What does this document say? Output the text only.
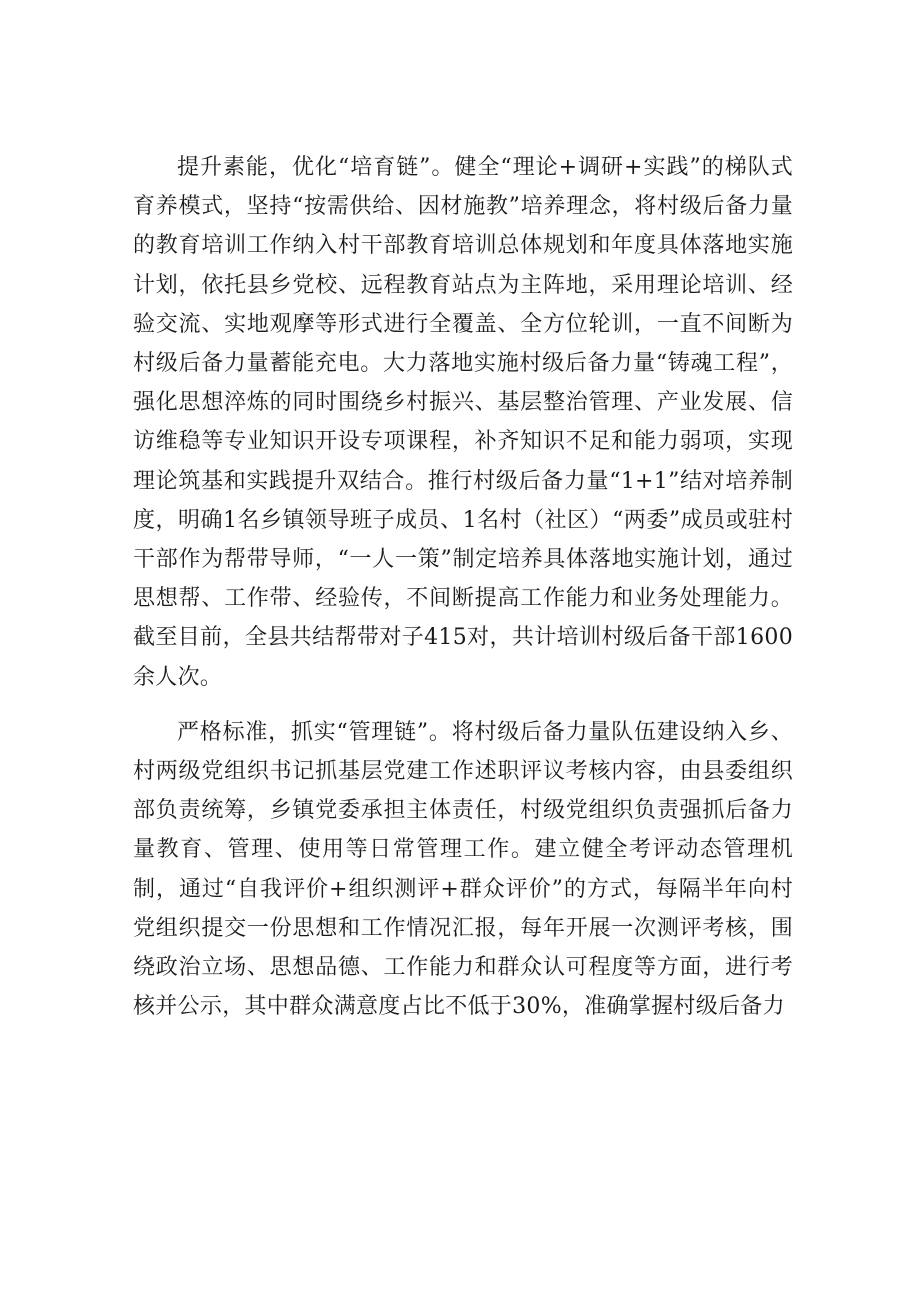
提升素能，优化“培育链”。健全“理论+调研+实践”的梯队式育养模式，坚持“按需供给、因材施教”培养理念，将村级后备力量的教育培训工作纳入村干部教育培训总体规划和年度具体落地实施计划，依托县乡党校、远程教育站点为主阵地，采用理论培训、经验交流、实地观摩等形式进行全覆盖、全方位轮训，一直不间断为村级后备力量蓄能充电。大力落地实施村级后备力量“铸魂工程”，强化思想淬炼的同时围绕乡村振兴、基层整治管理、产业发展、信访维稳等专业知识开设专项课程，补齐知识不足和能力弱项，实现理论筑基和实践提升双结合。推行村级后备力量“1+1”结对培养制度，明确1名乡镇领导班子成员、1名村（社区）“两委”成员或驻村干部作为帮带导师，“一人一策”制定培养具体落地实施计划，通过思想帮、工作带、经验传，不间断提高工作能力和业务处理能力。截至目前，全县共结帮带对子415对，共计培训村级后备干部1600余人次。

严格标准，抓实“管理链”。将村级后备力量队伍建设纳入乡、村两级党组织书记抓基层党建工作述职评议考核内容，由县委组织部负责统筹，乡镇党委承担主体责任，村级党组织负责强抓后备力量教育、管理、使用等日常管理工作。建立健全考评动态管理机制，通过“自我评价+组织测评+群众评价”的方式，每隔半年向村党组织提交一份思想和工作情况汇报，每年开展一次测评考核，围绕政治立场、思想品德、工作能力和群众认可程度等方面，进行考核并公示，其中群众满意度占比不低于30%，准确掌握村级后备力
